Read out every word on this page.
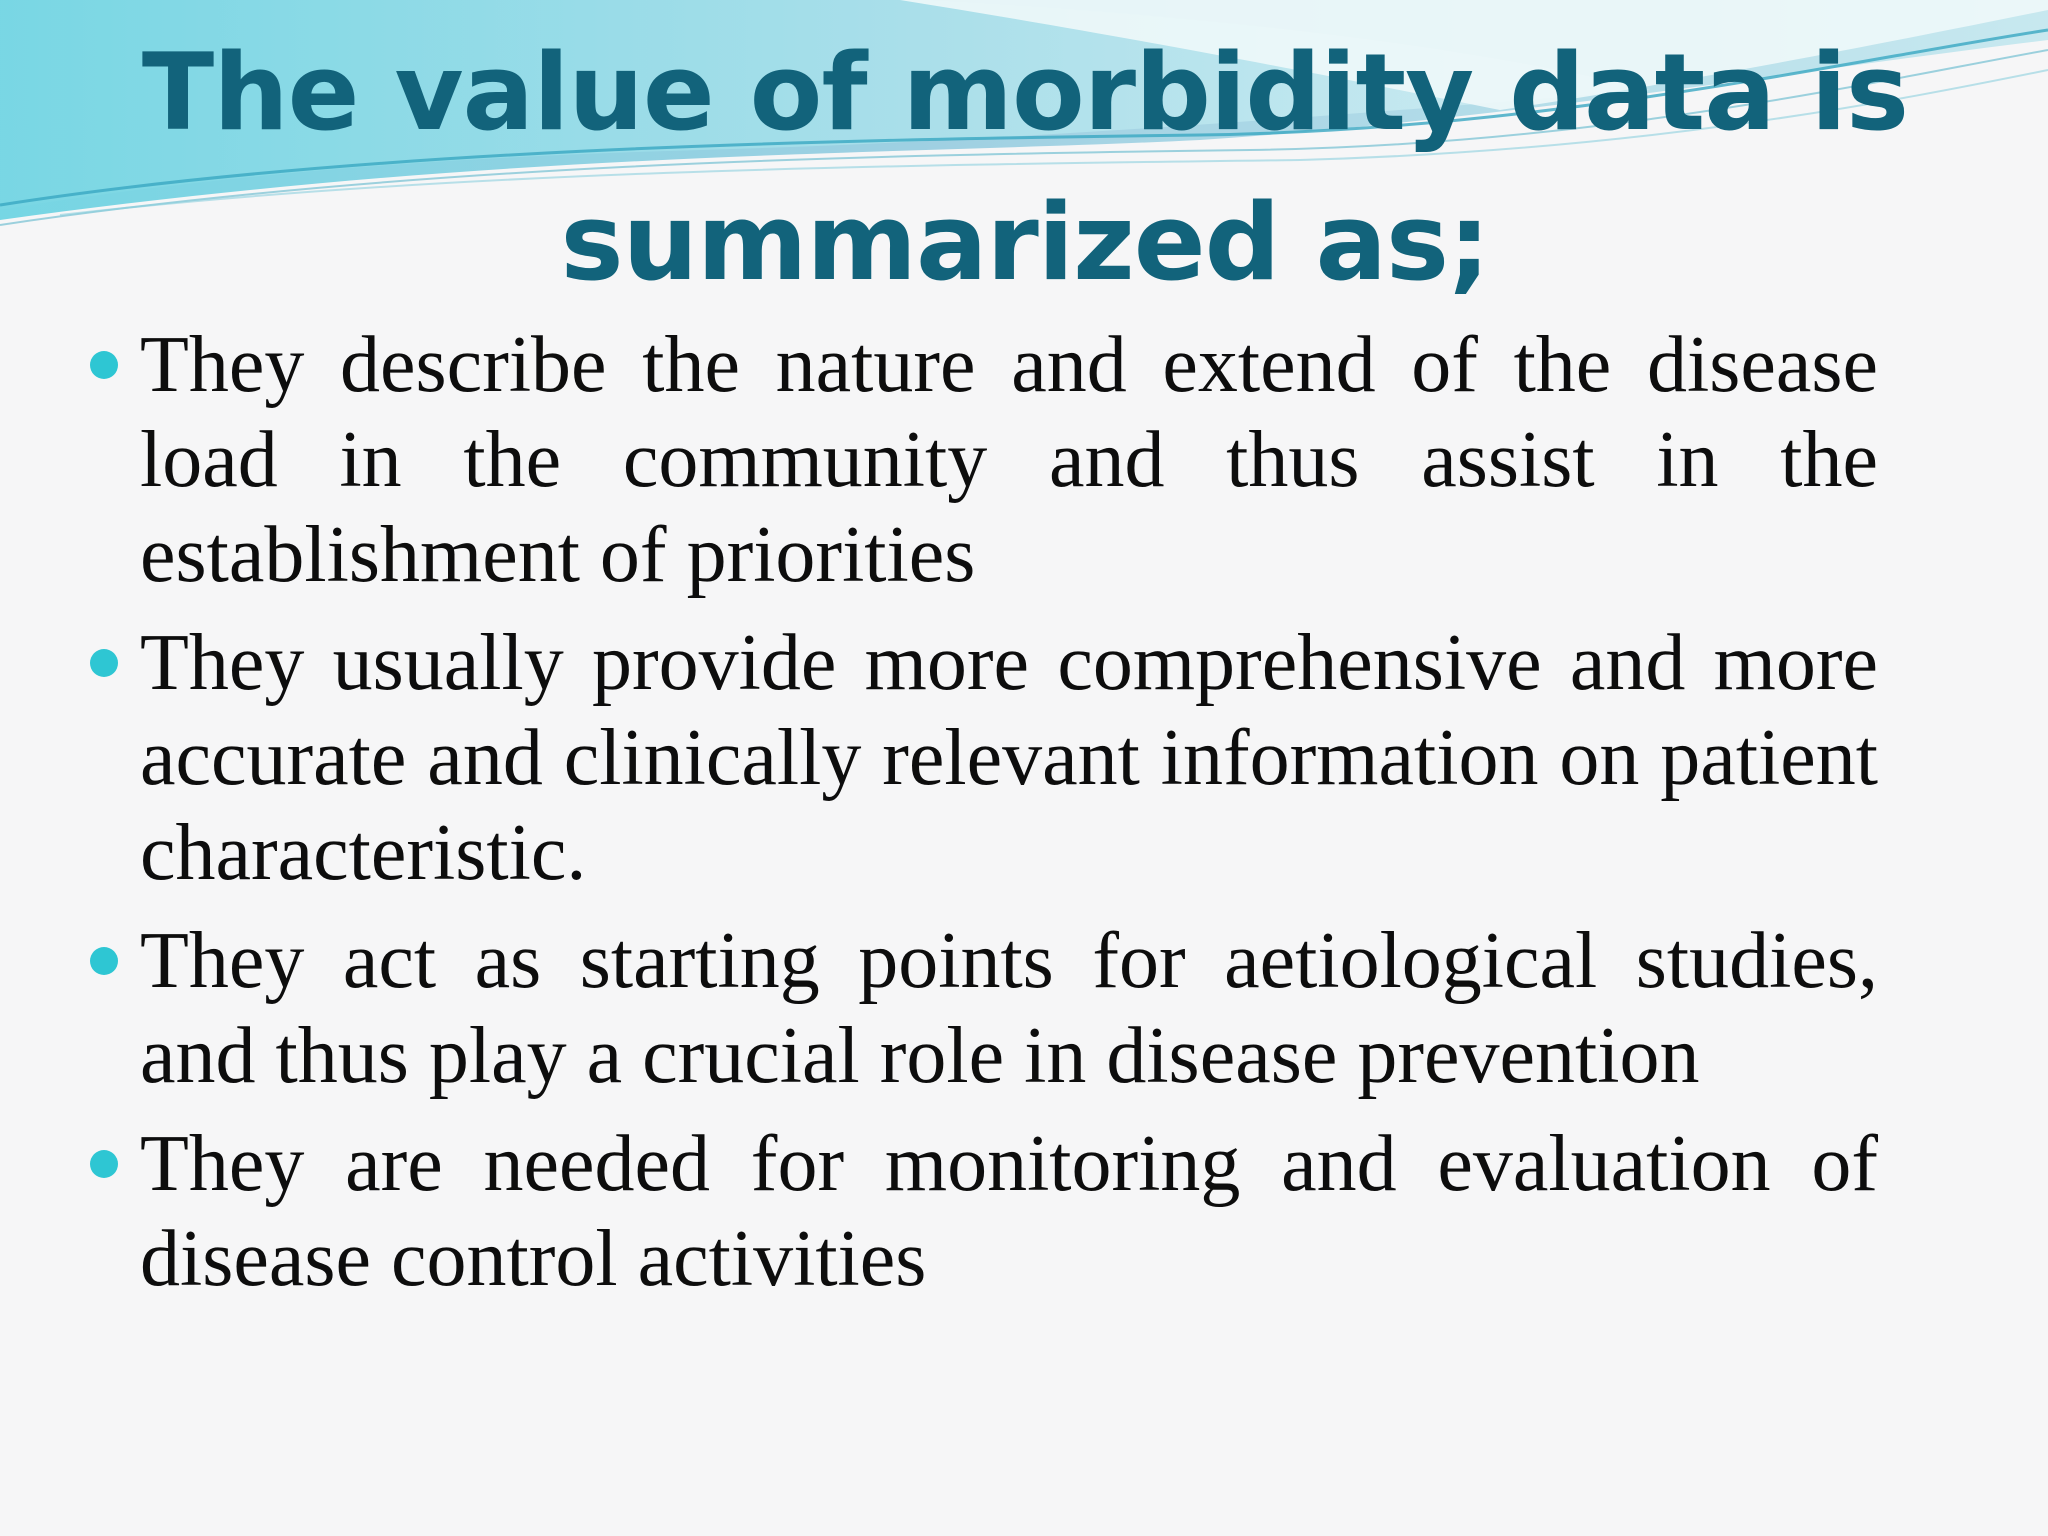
The value of morbidity data is summarized as;
They describe the nature and extend of the disease load in the community and thus assist in the establishment of priorities
They usually provide more comprehensive and more accurate and clinically relevant information on patient characteristic.
They act as starting points for aetiological studies, and thus play a crucial role in disease prevention
They are needed for monitoring and evaluation of disease control activities
